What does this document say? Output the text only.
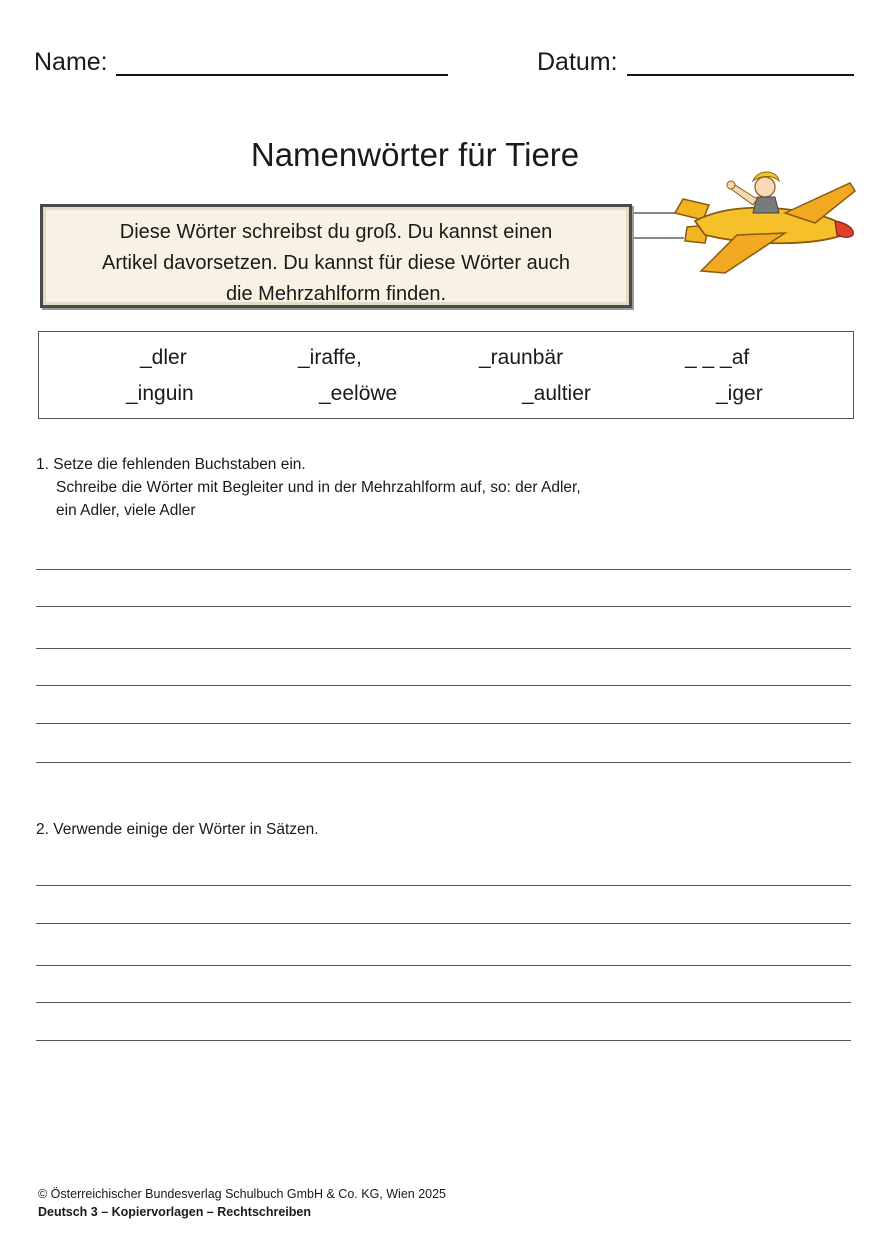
Name:	Datum:
Namenwörter für Tiere
Diese Wörter schreibst du groß. Du kannst einen
Artikel davorsetzen. Du kannst für diese Wörter auch
die Mehrzahlform finden.
_dler	_iraffe,	_raunbär	_ _ _af
_inguin	_eelöwe	_aultier	_iger
1. Setze die fehlenden Buchstaben ein.
Schreibe die Wörter mit Begleiter und in der Mehrzahlform auf, so: der Adler,
ein Adler, viele Adler
2. Verwende einige der Wörter in Sätzen.
© Österreichischer Bundesverlag Schulbuch GmbH & Co. KG, Wien 2025
Deutsch 3 – Kopiervorlagen – Rechtschreiben
